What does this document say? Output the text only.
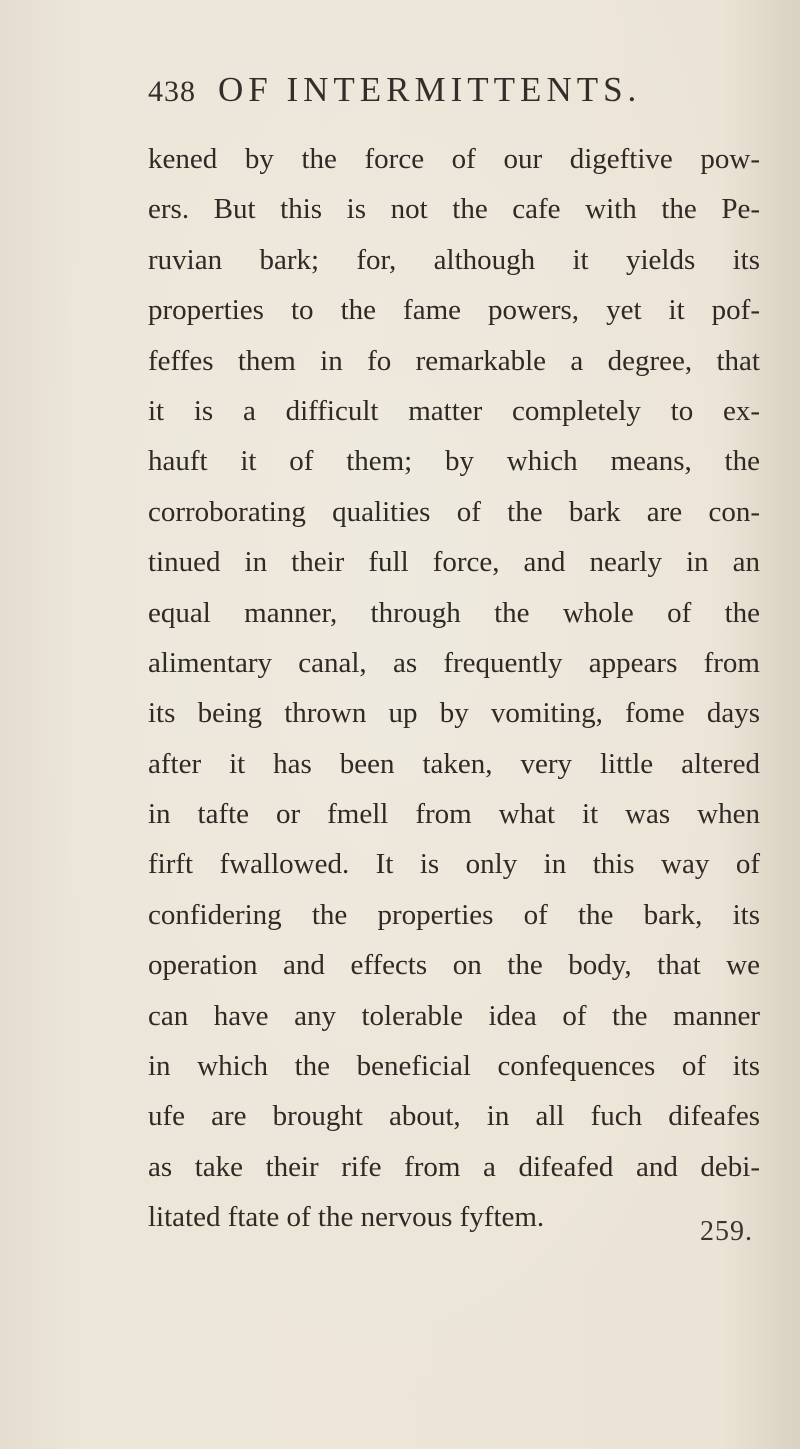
438 OF INTERMITTENTS.
kened by the force of our digeftive pow-
ers. But this is not the cafe with the Pe-
ruvian bark; for, although it yields its
properties to the fame powers, yet it pof-
feffes them in fo remarkable a degree, that
it is a difficult matter completely to ex-
hauft it of them; by which means, the
corroborating qualities of the bark are con-
tinued in their full force, and nearly in an
equal manner, through the whole of the
alimentary canal, as frequently appears from
its being thrown up by vomiting, fome days
after it has been taken, very little altered
in tafte or fmell from what it was when
firft fwallowed. It is only in this way of
confidering the properties of the bark, its
operation and effects on the body, that we
can have any tolerable idea of the manner
in which the beneficial confequences of its
ufe are brought about, in all fuch difeafes
as take their rife from a difeafed and debi-
litated ftate of the nervous fyftem.	259.
